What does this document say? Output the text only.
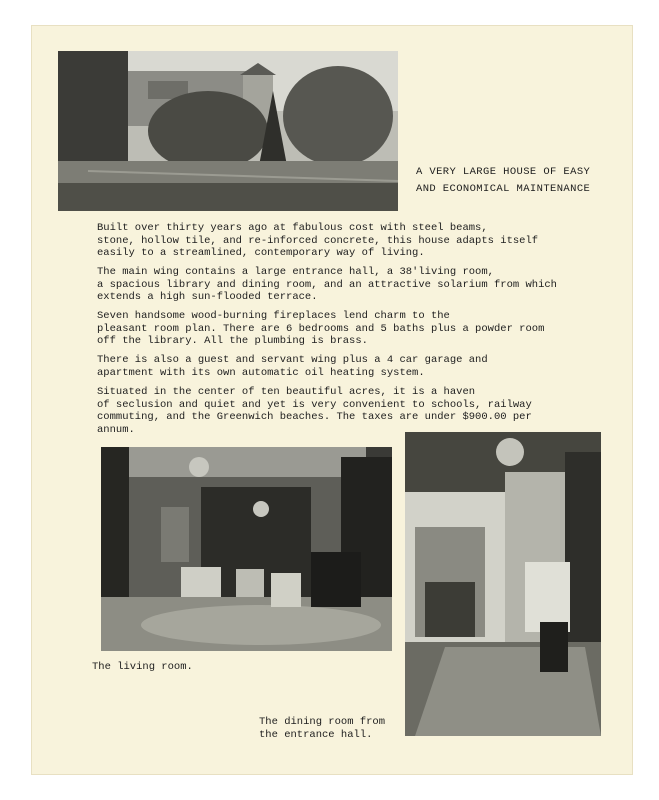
A VERY LARGE HOUSE OF EASY
AND ECONOMICAL MAINTENANCE

Built over thirty years ago at fabulous cost with steel beams,
stone, hollow tile, and re-inforced concrete, this house adapts itself
easily to a streamlined, contemporary way of living.

The main wing contains a large entrance hall, a 38'living room,
a spacious library and dining room, and an attractive solarium from which
extends a high sun-flooded terrace.

Seven handsome wood-burning fireplaces lend charm to the
pleasant room plan. There are 6 bedrooms and 5 baths plus a powder room
off the library. All the plumbing is brass.

There is also a guest and servant wing plus a 4 car garage and
apartment with its own automatic oil heating system.

Situated in the center of ten beautiful acres, it is a haven
of seclusion and quiet and yet is very convenient to schools, railway
commuting, and the Greenwich beaches. The taxes are under $900.00 per
annum.

The living room.

The dining room from
the entrance hall.
